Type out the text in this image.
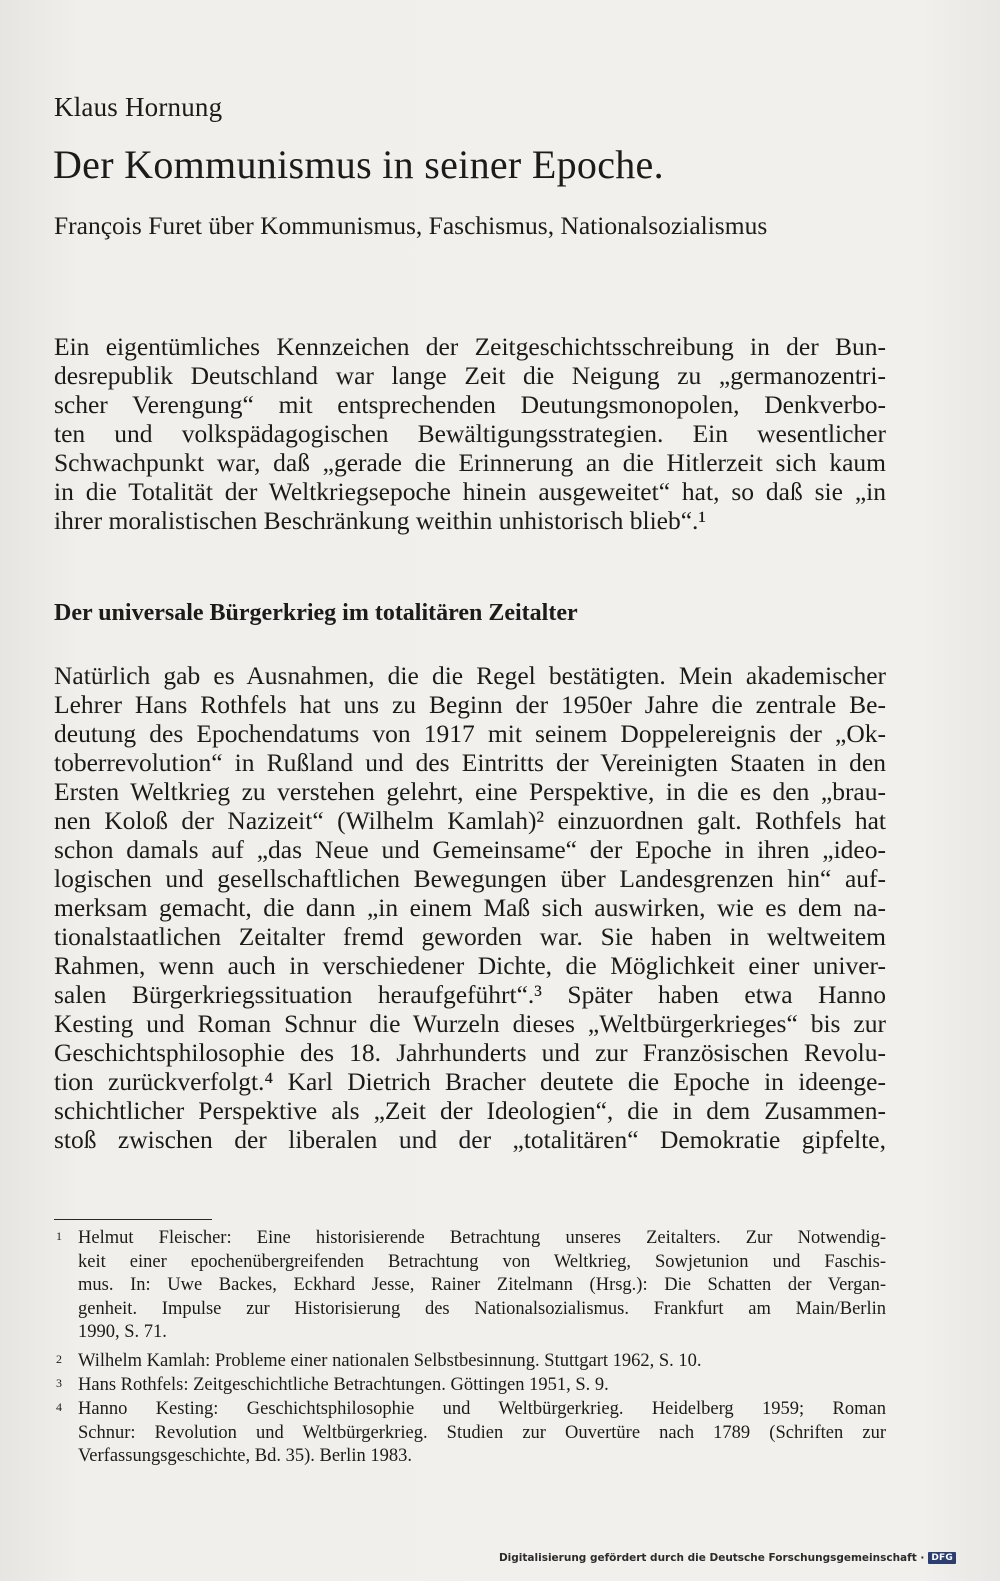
Klaus Hornung
Der Kommunismus in seiner Epoche.
François Furet über Kommunismus, Faschismus, Nationalsozialismus
Ein eigentümliches Kennzeichen der Zeitgeschichtsschreibung in der Bun-
desrepublik Deutschland war lange Zeit die Neigung zu „germanozentri-
scher Verengung“ mit entsprechenden Deutungsmonopolen, Denkverbo-
ten und volkspädagogischen Bewältigungsstrategien. Ein wesentlicher
Schwachpunkt war, daß „gerade die Erinnerung an die Hitlerzeit sich kaum
in die Totalität der Weltkriegsepoche hinein ausgeweitet“ hat, so daß sie „in
ihrer moralistischen Beschränkung weithin unhistorisch blieb“.¹
Der universale Bürgerkrieg im totalitären Zeitalter
Natürlich gab es Ausnahmen, die die Regel bestätigten. Mein akademischer
Lehrer Hans Rothfels hat uns zu Beginn der 1950er Jahre die zentrale Be-
deutung des Epochendatums von 1917 mit seinem Doppelereignis der „Ok-
toberrevolution“ in Rußland und des Eintritts der Vereinigten Staaten in den
Ersten Weltkrieg zu verstehen gelehrt, eine Perspektive, in die es den „brau-
nen Koloß der Nazizeit“ (Wilhelm Kamlah)² einzuordnen galt. Rothfels hat
schon damals auf „das Neue und Gemeinsame“ der Epoche in ihren „ideo-
logischen und gesellschaftlichen Bewegungen über Landesgrenzen hin“ auf-
merksam gemacht, die dann „in einem Maß sich auswirken, wie es dem na-
tionalstaatlichen Zeitalter fremd geworden war. Sie haben in weltweitem
Rahmen, wenn auch in verschiedener Dichte, die Möglichkeit einer univer-
salen Bürgerkriegssituation heraufgeführt“.³ Später haben etwa Hanno
Kesting und Roman Schnur die Wurzeln dieses „Weltbürgerkrieges“ bis zur
Geschichtsphilosophie des 18. Jahrhunderts und zur Französischen Revolu-
tion zurückverfolgt.⁴ Karl Dietrich Bracher deutete die Epoche in ideenge-
schichtlicher Perspektive als „Zeit der Ideologien“, die in dem Zusammen-
stoß zwischen der liberalen und der „totalitären“ Demokratie gipfelte,
1 Helmut Fleischer: Eine historisierende Betrachtung unseres Zeitalters. Zur Notwendig-
keit einer epochenübergreifenden Betrachtung von Weltkrieg, Sowjetunion und Faschis-
mus. In: Uwe Backes, Eckhard Jesse, Rainer Zitelmann (Hrsg.): Die Schatten der Vergan-
genheit. Impulse zur Historisierung des Nationalsozialismus. Frankfurt am Main/Berlin
1990, S. 71.
2 Wilhelm Kamlah: Probleme einer nationalen Selbstbesinnung. Stuttgart 1962, S. 10.
3 Hans Rothfels: Zeitgeschichtliche Betrachtungen. Göttingen 1951, S. 9.
4 Hanno Kesting: Geschichtsphilosophie und Weltbürgerkrieg. Heidelberg 1959; Roman
Schnur: Revolution und Weltbürgerkrieg. Studien zur Ouvertüre nach 1789 (Schriften zur
Verfassungsgeschichte, Bd. 35). Berlin 1983.
Digitalisierung gefördert durch die Deutsche Forschungsgemeinschaft · DFG
